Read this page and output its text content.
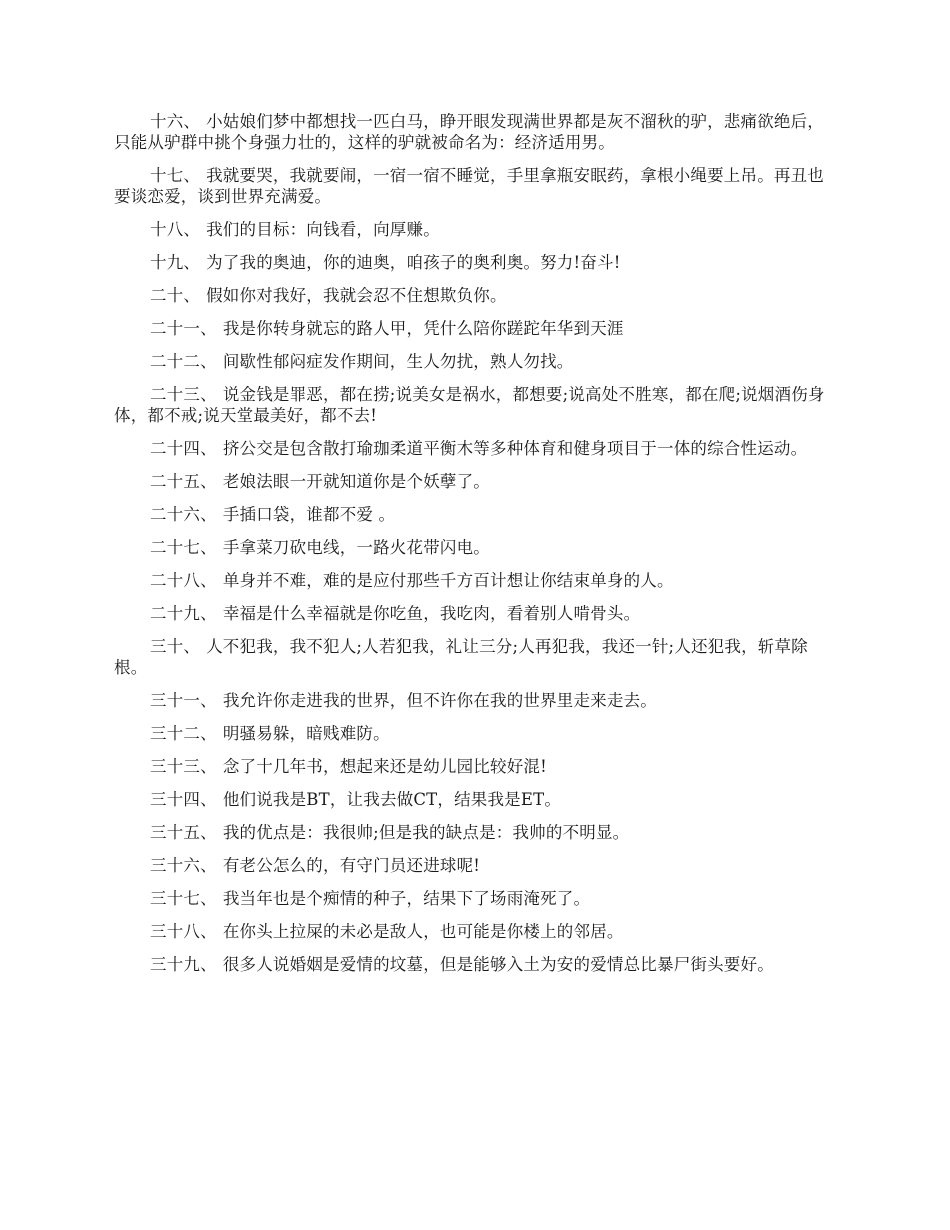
十六、 小姑娘们梦中都想找一匹白马，睁开眼发现满世界都是灰不溜秋的驴，悲痛欲绝后，只能从驴群中挑个身强力壮的，这样的驴就被命名为：经济适用男。

十七、 我就要哭，我就要闹，一宿一宿不睡觉，手里拿瓶安眠药，拿根小绳要上吊。再丑也要谈恋爱，谈到世界充满爱。

十八、 我们的目标：向钱看，向厚赚。

十九、 为了我的奥迪，你的迪奥，咱孩子的奥利奥。努力!奋斗!

二十、 假如你对我好，我就会忍不住想欺负你。

二十一、 我是你转身就忘的路人甲，凭什么陪你蹉跎年华到天涯

二十二、 间歇性郁闷症发作期间，生人勿扰，熟人勿找。

二十三、 说金钱是罪恶，都在捞;说美女是祸水，都想要;说高处不胜寒，都在爬;说烟酒伤身体，都不戒;说天堂最美好，都不去!

二十四、 挤公交是包含散打瑜珈柔道平衡木等多种体育和健身项目于一体的综合性运动。

二十五、 老娘法眼一开就知道你是个妖孽了。

二十六、 手插口袋，谁都不爱 。

二十七、 手拿菜刀砍电线，一路火花带闪电。

二十八、 单身并不难，难的是应付那些千方百计想让你结束单身的人。

二十九、 幸福是什么幸福就是你吃鱼，我吃肉，看着别人啃骨头。

三十、 人不犯我，我不犯人;人若犯我，礼让三分;人再犯我，我还一针;人还犯我，斩草除根。

三十一、 我允许你走进我的世界，但不许你在我的世界里走来走去。

三十二、 明骚易躲，暗贱难防。

三十三、 念了十几年书，想起来还是幼儿园比较好混!

三十四、 他们说我是BT，让我去做CT，结果我是ET。

三十五、 我的优点是：我很帅;但是我的缺点是：我帅的不明显。

三十六、 有老公怎么的，有守门员还进球呢!

三十七、 我当年也是个痴情的种子，结果下了场雨淹死了。

三十八、 在你头上拉屎的未必是敌人，也可能是你楼上的邻居。

三十九、 很多人说婚姻是爱情的坟墓，但是能够入土为安的爱情总比暴尸街头要好。
